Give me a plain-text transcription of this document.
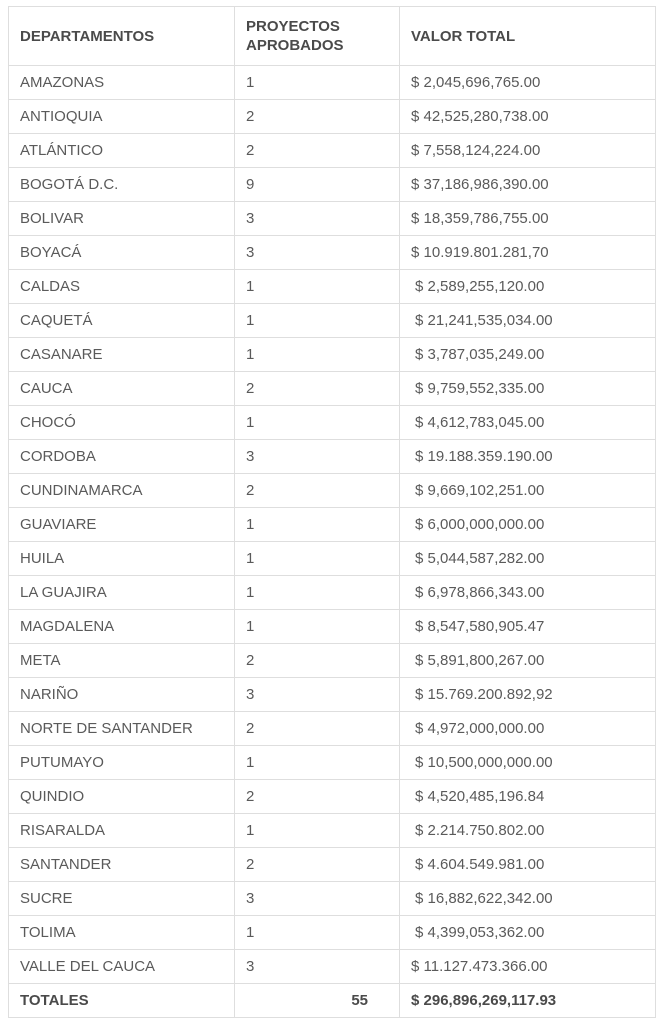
DEPARTAMENTOS	PROYECTOS APROBADOS	VALOR TOTAL
AMAZONAS	1	$ 2,045,696,765.00
ANTIOQUIA	2	$ 42,525,280,738.00
ATLÁNTICO	2	$ 7,558,124,224.00
BOGOTÁ D.C.	9	$ 37,186,986,390.00
BOLIVAR	3	$ 18,359,786,755.00
BOYACÁ	3	$ 10.919.801.281,70
CALDAS	1	$ 2,589,255,120.00
CAQUETÁ	1	$ 21,241,535,034.00
CASANARE	1	$ 3,787,035,249.00
CAUCA	2	$ 9,759,552,335.00
CHOCÓ	1	$ 4,612,783,045.00
CORDOBA	3	$ 19.188.359.190.00
CUNDINAMARCA	2	$ 9,669,102,251.00
GUAVIARE	1	$ 6,000,000,000.00
HUILA	1	$ 5,044,587,282.00
LA GUAJIRA	1	$ 6,978,866,343.00
MAGDALENA	1	$ 8,547,580,905.47
META	2	$ 5,891,800,267.00
NARIÑO	3	$ 15.769.200.892,92
NORTE DE SANTANDER	2	$ 4,972,000,000.00
PUTUMAYO	1	$ 10,500,000,000.00
QUINDIO	2	$ 4,520,485,196.84
RISARALDA	1	$ 2.214.750.802.00
SANTANDER	2	$ 4.604.549.981.00
SUCRE	3	$ 16,882,622,342.00
TOLIMA	1	$ 4,399,053,362.00
VALLE DEL CAUCA	3	$ 11.127.473.366.00
TOTALES	55	$ 296,896,269,117.93
